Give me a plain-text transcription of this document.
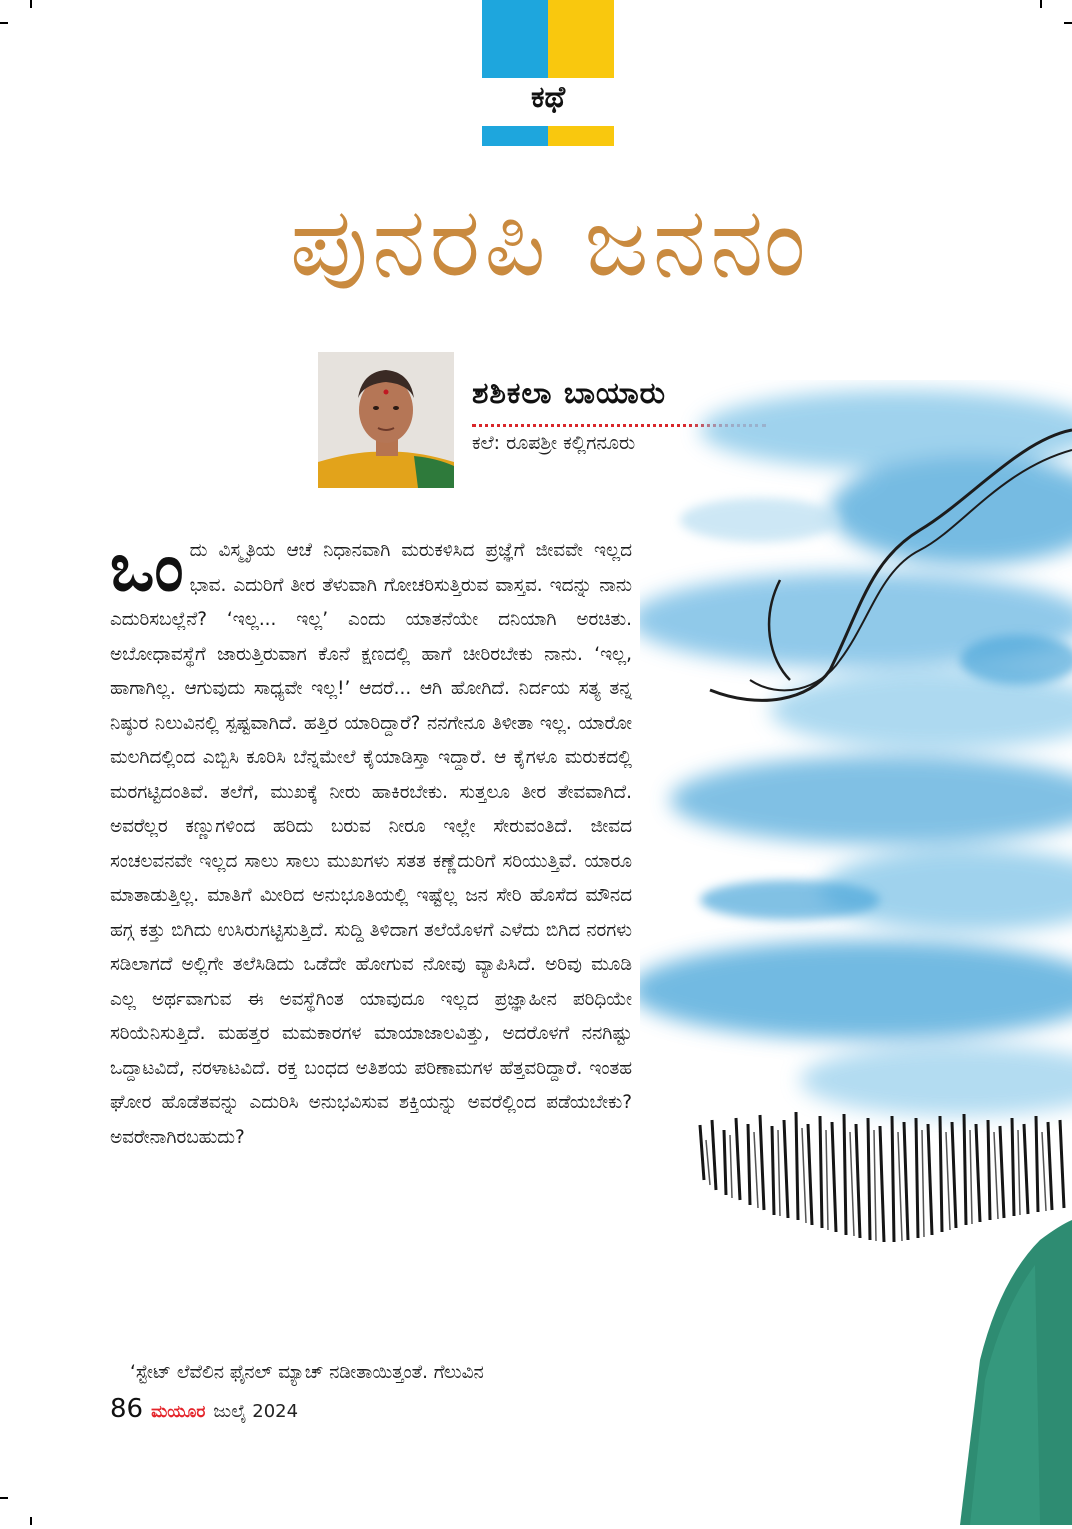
ಕಥೆ
ಪುನರಪಿ ಜನನಂ
ಶಶಿಕಲಾ ಬಾಯಾರು
ಕಲೆ: ರೂಪಶ್ರೀ ಕಲ್ಲಿಗನೂರು
ಒಂದು ವಿಸ್ಮೃತಿಯ ಆಚೆ ನಿಧಾನವಾಗಿ ಮರುಕಳಿಸಿದ ಪ್ರಜ್ಞೆಗೆ ಜೀವವೇ ಇಲ್ಲದ ಭಾವ. ಎದುರಿಗೆ ತೀರ ತೆಳುವಾಗಿ ಗೋಚರಿಸುತ್ತಿರುವ ವಾಸ್ತವ. ಇದನ್ನು ನಾನು ಎದುರಿಸಬಲ್ಲೆನೆ? ‘ಇಲ್ಲ... ಇಲ್ಲ’ ಎಂದು ಯಾತನೆಯೇ ದನಿಯಾಗಿ ಅರಚಿತು. ಅಬೋಧಾವಸ್ಥೆಗೆ ಜಾರುತ್ತಿರುವಾಗ ಕೊನೆ ಕ್ಷಣದಲ್ಲಿ ಹಾಗೆ ಚೀರಿರಬೇಕು ನಾನು. ‘ಇಲ್ಲ, ಹಾಗಾಗಿಲ್ಲ. ಆಗುವುದು ಸಾಧ್ಯವೇ ಇಲ್ಲ!’ ಆದರೆ... ಆಗಿ ಹೋಗಿದೆ. ನಿರ್ದಯ ಸತ್ಯ ತನ್ನ ನಿಷ್ಠುರ ನಿಲುವಿನಲ್ಲಿ ಸ್ಪಷ್ಟವಾಗಿದೆ. ಹತ್ತಿರ ಯಾರಿದ್ದಾರೆ? ನನಗೇನೂ ತಿಳೀತಾ ಇಲ್ಲ. ಯಾರೋ ಮಲಗಿದಲ್ಲಿಂದ ಎಬ್ಬಿಸಿ ಕೂರಿಸಿ ಬೆನ್ನಮೇಲೆ ಕೈಯಾಡಿಸ್ತಾ ಇದ್ದಾರೆ. ಆ ಕೈಗಳೂ ಮರುಕದಲ್ಲಿ ಮರಗಟ್ಟಿದಂತಿವೆ. ತಲೆಗೆ, ಮುಖಕ್ಕೆ ನೀರು ಹಾಕಿರಬೇಕು. ಸುತ್ತಲೂ ತೀರ ತೇವವಾಗಿದೆ. ಅವರೆಲ್ಲರ ಕಣ್ಣುಗಳಿಂದ ಹರಿದು ಬರುವ ನೀರೂ ಇಲ್ಲೇ ಸೇರುವಂತಿದೆ. ಜೀವದ ಸಂಚಲವನವೇ ಇಲ್ಲದ ಸಾಲು ಸಾಲು ಮುಖಗಳು ಸತತ ಕಣ್ಣೆದುರಿಗೆ ಸರಿಯುತ್ತಿವೆ. ಯಾರೂ ಮಾತಾಡುತ್ತಿಲ್ಲ. ಮಾತಿಗೆ ಮೀರಿದ ಅನುಭೂತಿಯಲ್ಲಿ ಇಷ್ಟೆಲ್ಲ ಜನ ಸೇರಿ ಹೊಸೆದ ಮೌನದ ಹಗ್ಗ ಕತ್ತು ಬಿಗಿದು ಉಸಿರುಗಟ್ಟಿಸುತ್ತಿದೆ. ಸುದ್ದಿ ತಿಳಿದಾಗ ತಲೆಯೊಳಗೆ ಎಳೆದು ಬಿಗಿದ ನರಗಳು ಸಡಿಲಾಗದೆ ಅಲ್ಲಿಗೇ ತಲೆಸಿಡಿದು ಒಡೆದೇ ಹೋಗುವ ನೋವು ವ್ಯಾಪಿಸಿದೆ. ಅರಿವು ಮೂಡಿ ಎಲ್ಲ ಅರ್ಥವಾಗುವ ಈ ಅವಸ್ಥೆಗಿಂತ ಯಾವುದೂ ಇಲ್ಲದ ಪ್ರಜ್ಞಾಹೀನ ಪರಿಧಿಯೇ ಸರಿಯೆನಿಸುತ್ತಿದೆ. ಮಹತ್ತರ ಮಮಕಾರಗಳ ಮಾಯಾಜಾಲವಿತ್ತು, ಅದರೊಳಗೆ ನನಗಿಷ್ಟು ಒದ್ದಾಟವಿದೆ, ನರಳಾಟವಿದೆ. ರಕ್ತ ಬಂಧದ ಅತಿಶಯ ಪರಿಣಾಮಗಳ ಹೆತ್ತವರಿದ್ದಾರೆ. ಇಂತಹ ಘೋರ ಹೊಡೆತವನ್ನು ಎದುರಿಸಿ ಅನುಭವಿಸುವ ಶಕ್ತಿಯನ್ನು ಅವರೆಲ್ಲಿಂದ ಪಡೆಯಬೇಕು? ಅವರೇನಾಗಿರಬಹುದು?
‘ಸ್ಟೇಟ್ ಲೆವೆಲಿನ ಫೈನಲ್ ಮ್ಯಾಚ್ ನಡೀತಾಯಿತ್ತಂತೆ. ಗೆಲುವಿನ
86 ಮಯೂರ ಜುಲೈ 2024
